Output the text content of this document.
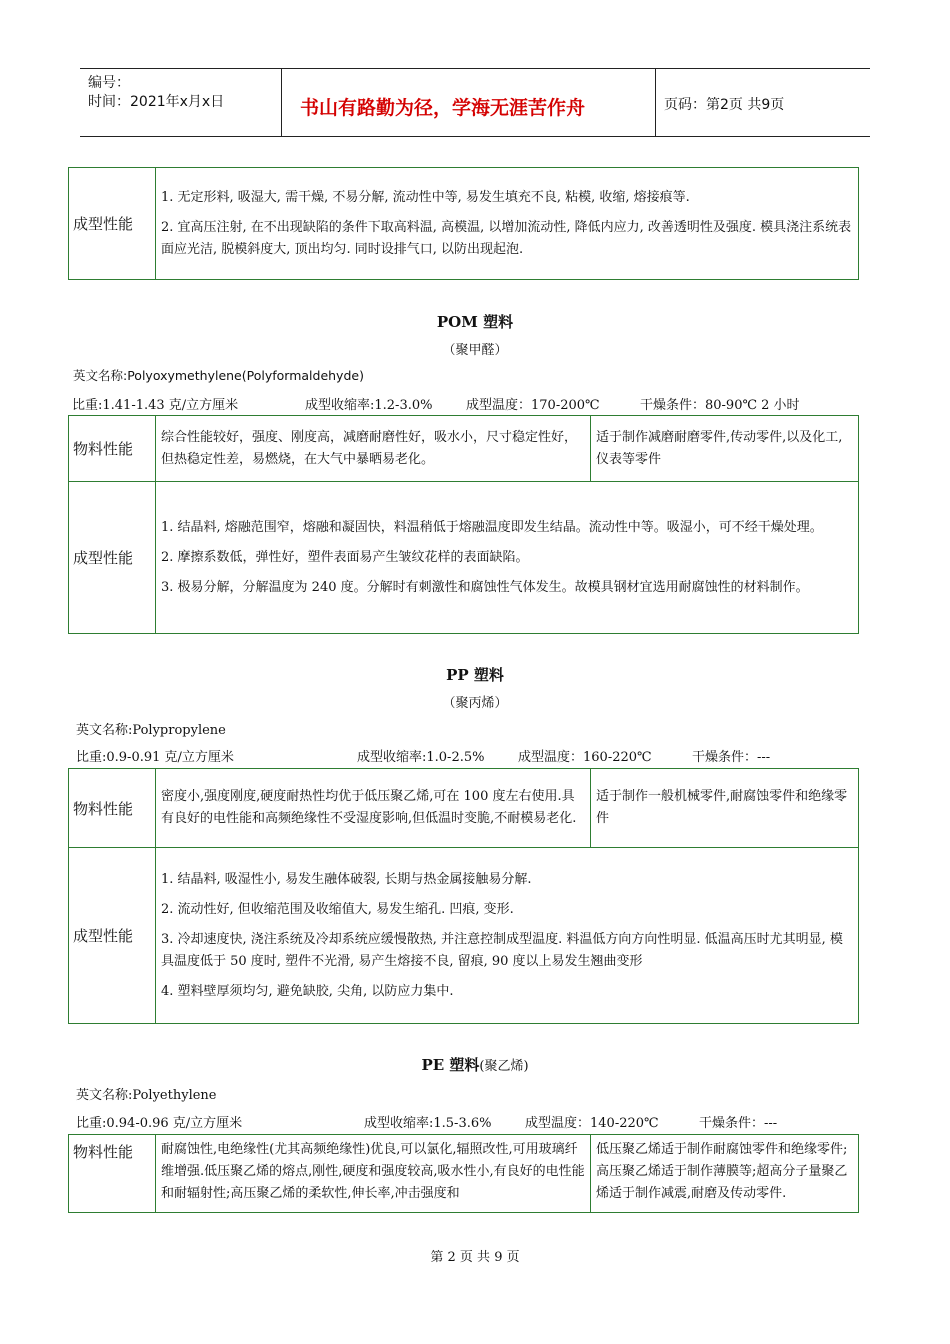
编号：
时间：2021年x月x日	书山有路勤为径，学海无涯苦作舟	页码：第2页 共9页
成型性能	

1. 无定形料, 吸湿大, 需干燥, 不易分解, 流动性中等, 易发生填充不良, 粘模, 收缩, 熔接痕等.

2. 宜高压注射, 在不出现缺陷的条件下取高料温, 高模温, 以增加流动性, 降低内应力, 改善透明性及强度. 模具浇注系统表面应光洁, 脱模斜度大, 顶出均匀. 同时设排气口, 以防出现起泡.

POM 塑料
（聚甲醛）
英文名称:Polyoxymethylene(Polyformaldehyde)
比重:1.41-1.43 克/立方厘米	成型收缩率:1.2-3.0%	成型温度：170-200℃	干燥条件：80-90℃ 2 小时
物料性能	综合性能较好，强度、刚度高，减磨耐磨性好，吸水小，尺寸稳定性好，但热稳定性差，易燃烧，在大气中暴晒易老化。	适于制作减磨耐磨零件,传动零件,以及化工,仪表等零件
成型性能	1. 结晶料, 熔融范围窄，熔融和凝固快，料温稍低于熔融温度即发生结晶。流动性中等。吸湿小，可不经干燥处理。

2. 摩擦系数低，弹性好，塑件表面易产生皱纹花样的表面缺陷。

3. 极易分解，分解温度为 240 度。分解时有刺激性和腐蚀性气体发生。故模具钢材宜选用耐腐蚀性的材料制作。	

PP 塑料
（聚丙烯）
英文名称:Polypropylene
比重:0.9-0.91 克/立方厘米	成型收缩率:1.0-2.5%	成型温度：160-220℃	干燥条件：---
物料性能	密度小,强度刚度,硬度耐热性均优于低压聚乙烯,可在 100 度左右使用.具有良好的电性能和高频绝缘性不受湿度影响,但低温时变脆,不耐模易老化.	适于制作一般机械零件,耐腐蚀零件和绝缘零件
成型性能	1. 结晶料, 吸湿性小, 易发生融体破裂, 长期与热金属接触易分解.

2. 流动性好, 但收缩范围及收缩值大, 易发生缩孔. 凹痕, 变形.

3. 冷却速度快, 浇注系统及冷却系统应缓慢散热, 并注意控制成型温度. 料温低方向方向性明显. 低温高压时尤其明显, 模具温度低于 50 度时, 塑件不光滑, 易产生熔接不良, 留痕, 90 度以上易发生翘曲变形

4. 塑料壁厚须均匀, 避免缺胶, 尖角, 以防应力集中.	

PE 塑料(聚乙烯)
英文名称:Polyethylene
比重:0.94-0.96 克/立方厘米	成型收缩率:1.5-3.6%	成型温度：140-220℃	干燥条件：---
物料性能	耐腐蚀性,电绝缘性(尤其高频绝缘性)优良,可以氯化,辐照改性,可用玻璃纤维增强.低压聚乙烯的熔点,刚性,硬度和强度较高,吸水性小,有良好的电性能和耐辐射性;高压聚乙烯的柔软性,伸长率,冲击强度和	低压聚乙烯适于制作耐腐蚀零件和绝缘零件;高压聚乙烯适于制作薄膜等;超高分子量聚乙烯适于制作减震,耐磨及传动零件.
第 2 页 共 9 页
